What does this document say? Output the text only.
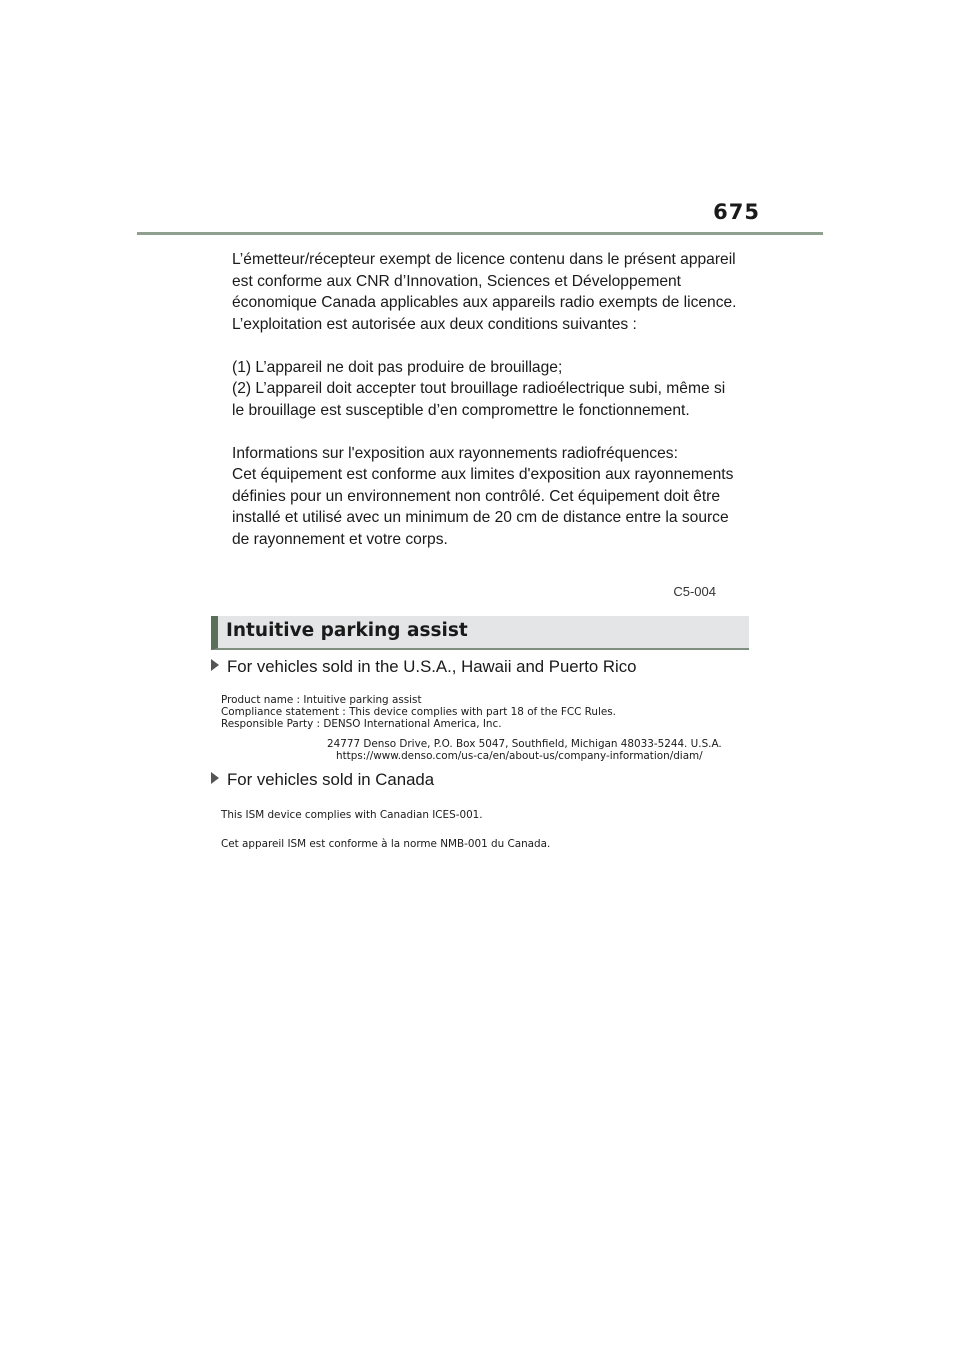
675

L’émetteur/récepteur exempt de licence contenu dans le présent appareil
est conforme aux CNR d’Innovation, Sciences et Développement
économique Canada applicables aux appareils radio exempts de licence.
L’exploitation est autorisée aux deux conditions suivantes :

(1) L’appareil ne doit pas produire de brouillage;
(2) L’appareil doit accepter tout brouillage radioélectrique subi, même si
le brouillage est susceptible d’en compromettre le fonctionnement.

Informations sur l'exposition aux rayonnements radiofréquences:
Cet équipement est conforme aux limites d'exposition aux rayonnements
définies pour un environnement non contrôlé. Cet équipement doit être
installé et utilisé avec un minimum de 20 cm de distance entre la source
de rayonnement et votre corps.

C5-004
Intuitive parking assist
For vehicles sold in the U.S.A., Hawaii and Puerto Rico
Product name : Intuitive parking assist
Compliance statement : This device complies with part 18 of the FCC Rules.
Responsible Party : DENSO International America, Inc.
24777 Denso Drive, P.O. Box 5047, Southfield, Michigan 48033-5244. U.S.A.
https://www.denso.com/us-ca/en/about-us/company-information/diam/
For vehicles sold in Canada
This ISM device complies with Canadian ICES-001.
Cet appareil ISM est conforme à la norme NMB-001 du Canada.
